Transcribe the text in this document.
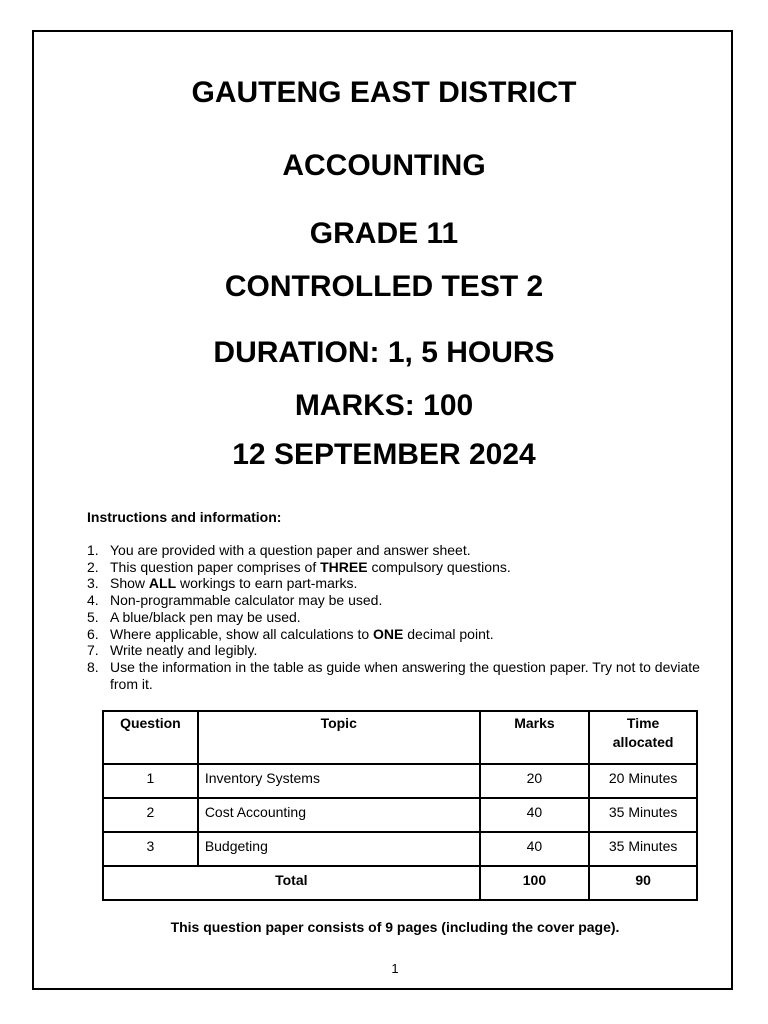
GAUTENG EAST DISTRICT
ACCOUNTING
GRADE 11
CONTROLLED TEST 2
DURATION: 1, 5 HOURS
MARKS: 100
12 SEPTEMBER 2024

Instructions and information:

1. You are provided with a question paper and answer sheet.
2. This question paper comprises of THREE compulsory questions.
3. Show ALL workings to earn part-marks.
4. Non-programmable calculator may be used.
5. A blue/black pen may be used.
6. Where applicable, show all calculations to ONE decimal point.
7. Write neatly and legibly.
8. Use the information in the table as guide when answering the question paper. Try not to deviate from it.
Question	Topic	Marks	Time
allocated
1	Inventory Systems	20	20 Minutes
2	Cost Accounting	40	35 Minutes
3	Budgeting	40	35 Minutes
Total		100	90

This question paper consists of 9 pages (including the cover page).

1
